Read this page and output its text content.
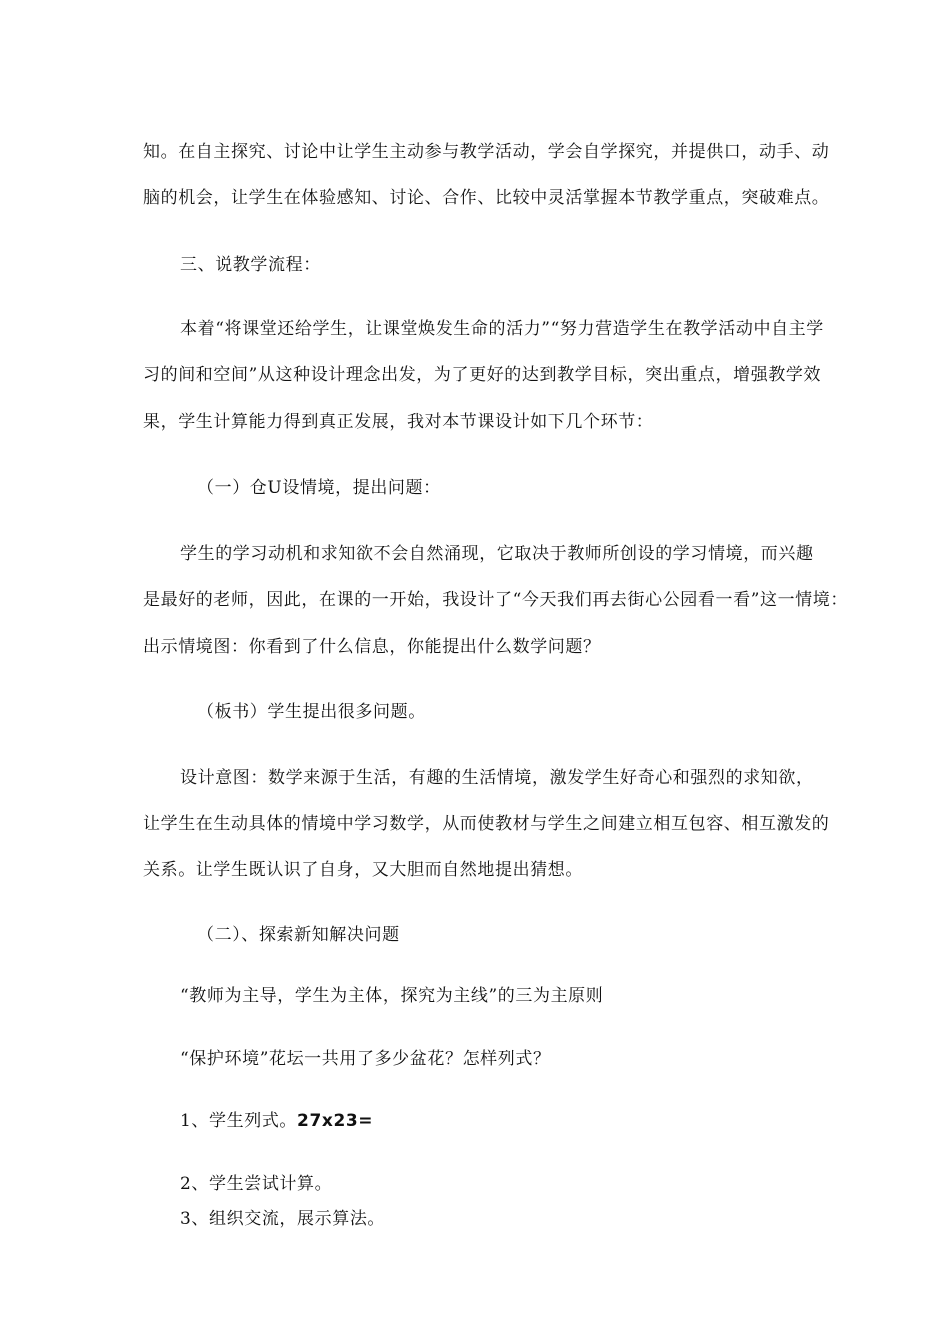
知。在自主探究、讨论中让学生主动参与教学活动，学会自学探究，并提供口，动手、动
脑的机会，让学生在体验感知、讨论、合作、比较中灵活掌握本节教学重点，突破难点。
三、说教学流程：
本着“将课堂还给学生，让课堂焕发生命的活力”“努力营造学生在教学活动中自主学
习的间和空间”从这种设计理念出发，为了更好的达到教学目标，突出重点，增强教学效
果，学生计算能力得到真正发展，我对本节课设计如下几个环节：
（一）仓U设情境，提出问题：
学生的学习动机和求知欲不会自然涌现，它取决于教师所创设的学习情境，而兴趣
是最好的老师，因此，在课的一开始，我设计了“今天我们再去街心公园看一看”这一情境：
出示情境图：你看到了什么信息，你能提出什么数学问题？
（板书）学生提出很多问题。
设计意图：数学来源于生活，有趣的生活情境，激发学生好奇心和强烈的求知欲，
让学生在生动具体的情境中学习数学，从而使教材与学生之间建立相互包容、相互激发的
关系。让学生既认识了自身，又大胆而自然地提出猜想。
（二）、探索新知解决问题
“教师为主导，学生为主体，探究为主线”的三为主原则
“保护环境”花坛一共用了多少盆花？怎样列式？
1、学生列式。27x23=
2、学生尝试计算。
3、组织交流，展示算法。
